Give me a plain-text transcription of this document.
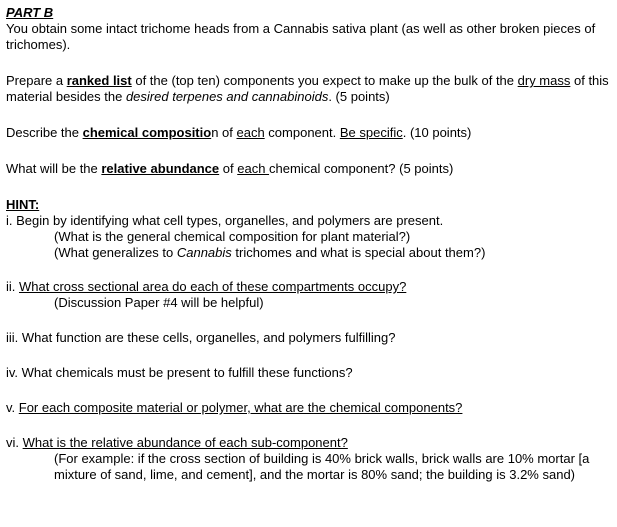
PART B
You obtain some intact trichome heads from a Cannabis sativa plant (as well as other broken pieces of trichomes).
Prepare a ranked list of the (top ten) components you expect to make up the bulk of the dry mass of this material besides the desired terpenes and cannabinoids. (5 points)
Describe the chemical composition of each component. Be specific. (10 points)
What will be the relative abundance of each chemical component? (5 points)
HINT:
i. Begin by identifying what cell types, organelles, and polymers are present.
(What is the general chemical composition for plant material?)
(What generalizes to Cannabis trichomes and what is special about them?)
ii. What cross sectional area do each of these compartments occupy?
(Discussion Paper #4 will be helpful)
iii. What function are these cells, organelles, and polymers fulfilling?
iv. What chemicals must be present to fulfill these functions?
v. For each composite material or polymer, what are the chemical components?
vi. What is the relative abundance of each sub-component?
(For example: if the cross section of building is 40% brick walls, brick walls are 10% mortar [a mixture of sand, lime, and cement], and the mortar is 80% sand; the building is 3.2% sand)
